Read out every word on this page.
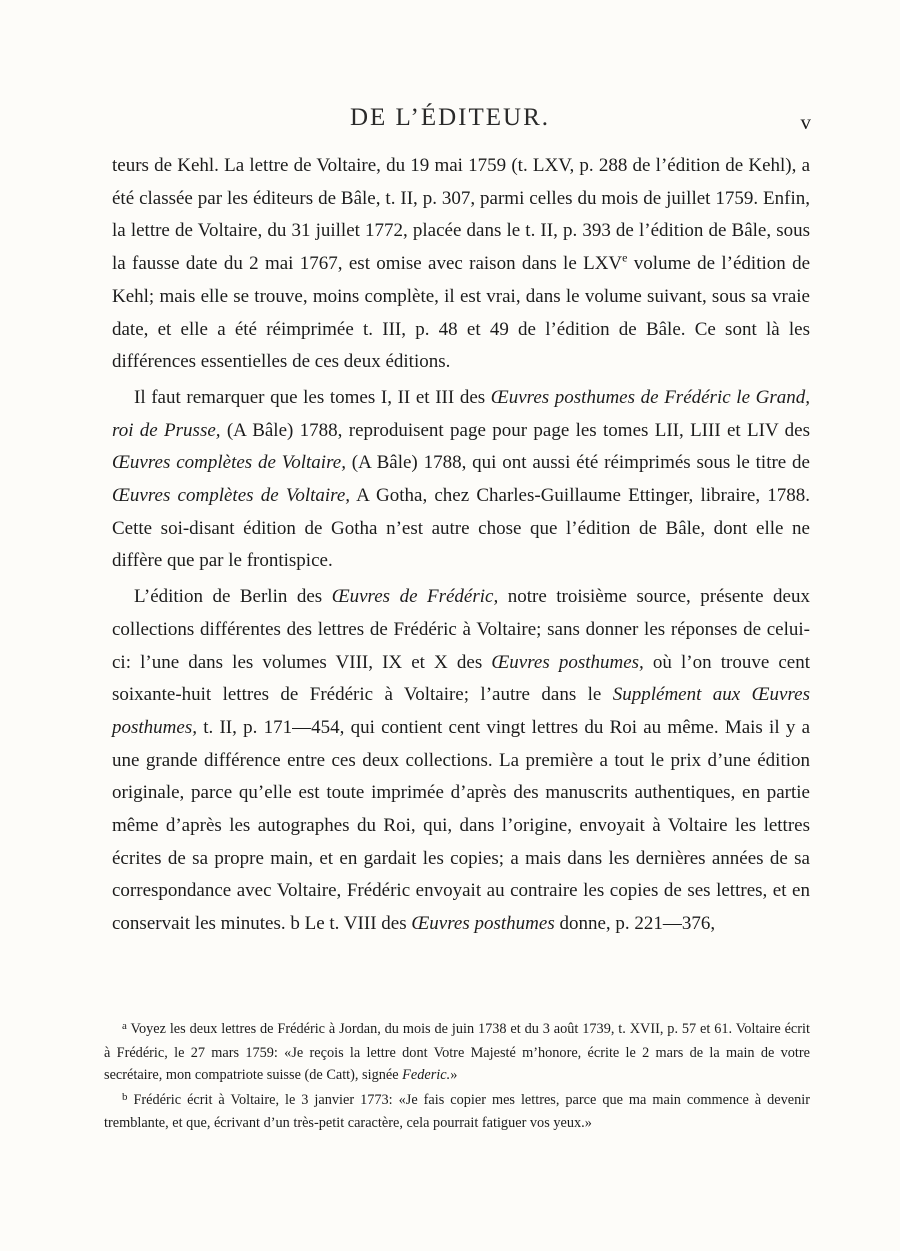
DE L’ÉDITEUR.	v

teurs de Kehl. La lettre de Voltaire, du 19 mai 1759 (t. LXV, p. 288 de l’édition de Kehl), a été classée par les éditeurs de Bâle, t. II, p. 307, parmi celles du mois de juillet 1759. Enfin, la lettre de Voltaire, du 31 juillet 1772, placée dans le t. II, p. 393 de l’édition de Bâle, sous la fausse date du 2 mai 1767, est omise avec raison dans le LXVe volume de l’édition de Kehl; mais elle se trouve, moins complète, il est vrai, dans le volume suivant, sous sa vraie date, et elle a été réimprimée t. III, p. 48 et 49 de l’édition de Bâle. Ce sont là les différences essentielles de ces deux éditions.

Il faut remarquer que les tomes I, II et III des Œuvres posthumes de Frédéric le Grand, roi de Prusse, (A Bâle) 1788, reproduisent page pour page les tomes LII, LIII et LIV des Œuvres complètes de Voltaire, (A Bâle) 1788, qui ont aussi été réimprimés sous le titre de Œuvres complètes de Voltaire, A Gotha, chez Charles-Guillaume Ettinger, libraire, 1788. Cette soi-disant édition de Gotha n’est autre chose que l’édition de Bâle, dont elle ne diffère que par le frontispice.

L’édition de Berlin des Œuvres de Frédéric, notre troisième source, présente deux collections différentes des lettres de Frédéric à Voltaire; sans donner les réponses de celui-ci: l’une dans les volumes VIII, IX et X des Œuvres posthumes, où l’on trouve cent soixante-huit lettres de Frédéric à Voltaire; l’autre dans le Supplément aux Œuvres posthumes, t. II, p. 171—454, qui contient cent vingt lettres du Roi au même. Mais il y a une grande différence entre ces deux collections. La première a tout le prix d’une édition originale, parce qu’elle est toute imprimée d’après des manuscrits authentiques, en partie même d’après les autographes du Roi, qui, dans l’origine, envoyait à Voltaire les lettres écrites de sa propre main, et en gardait les copies; a mais dans les dernières années de sa correspondance avec Voltaire, Frédéric envoyait au contraire les copies de ses lettres, et en conservait les minutes. b Le t. VIII des Œuvres posthumes donne, p. 221—376,

$^a$ Voyez les deux lettres de Frédéric à Jordan, du mois de juin 1738 et du 3 août 1739, t. XVII, p. 57 et 61. Voltaire écrit à Frédéric, le 27 mars 1759: «Je reçois la lettre dont Votre Majesté m’honore, écrite le 2 mars de la main de votre secrétaire, mon compatriote suisse (de Catt), signée Federic.»

$^b$ Frédéric écrit à Voltaire, le 3 janvier 1773: «Je fais copier mes lettres, parce que ma main commence à devenir tremblante, et que, écrivant d’un très-petit caractère, cela pourrait fatiguer vos yeux.»
